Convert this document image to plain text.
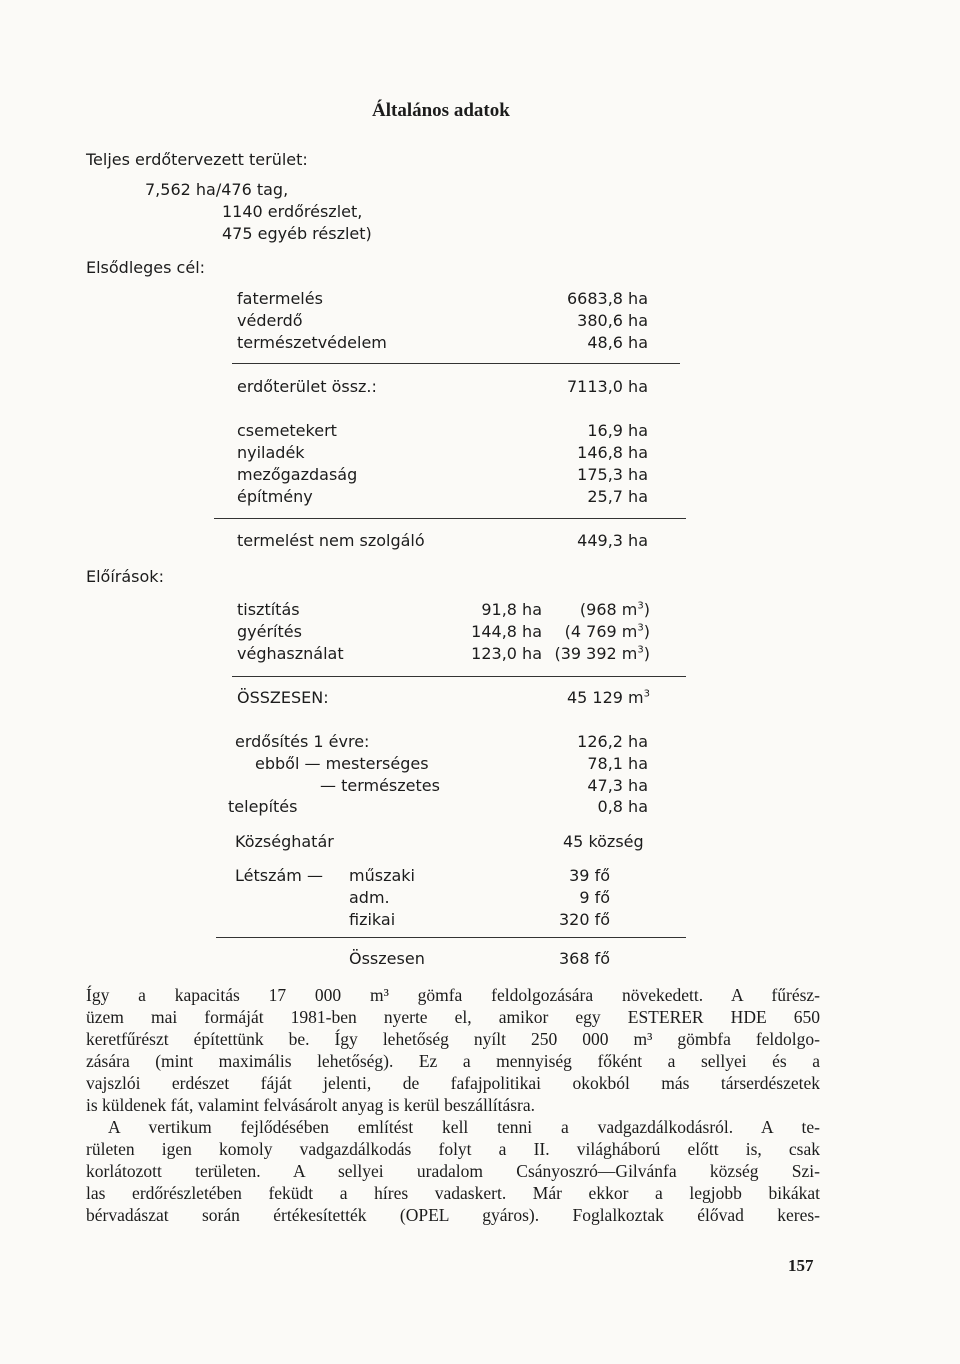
Általános adatok
Teljes erdőtervezett terület:
7,562 ha/476 tag,
1140 erdőrészlet,
475 egyéb részlet)
Elsődleges cél:
fatermelés	6683,8 ha
véderdő	380,6 ha
természetvédelem	48,6 ha
erdőterület össz.:	7113,0 ha
csemetekert	16,9 ha
nyiladék	146,8 ha
mezőgazdaság	175,3 ha
építmény	25,7 ha
termelést nem szolgáló	449,3 ha
Előírások:
tisztítás	91,8 ha	(968 $m^3$)
gyérítés	144,8 ha	(4 769 $m^3$)
véghasználat	123,0 ha (39 392 $m^3$)
ÖSSZESEN:	45 129 $m^3$
erdősítés 1 évre:	126,2 ha
ebből — mesterséges	78,1 ha
— természetes	47,3 ha
telepítés	0,8 ha
Községhatár	45 község
Létszám — műszaki	39 fő
adm.	9 fő
fizikai	320 fő
Összesen	368 fő

Így a kapacitás 17 000 m³ gömfa feldolgozására növekedett. A fűrész-

üzem mai formáját 1981-ben nyerte el, amikor egy ESTERER HDE 650

keretfűrészt építettünk be. Így lehetőség nyílt 250 000 m³ gömbfa feldolgo-

zására (mint maximális lehetőség). Ez a mennyiség főként a sellyei és a

vajszlói erdészet fáját jelenti, de fafajpolitikai okokból más társerdészetek

is küldenek fát, valamint felvásárolt anyag is kerül beszállításra.

A vertikum fejlődésében említést kell tenni a vadgazdálkodásról. A te-

rületen igen komoly vadgazdálkodás folyt a II. világháború előtt is, csak

korlátozott területen. A sellyei uradalom Csányoszró—Gilvánfa község Szi-

las erdőrészletében feküdt a híres vadaskert. Már ekkor a legjobb bikákat

bérvadászat során értékesítették (OPEL gyáros). Foglalkoztak élővad keres-

157
